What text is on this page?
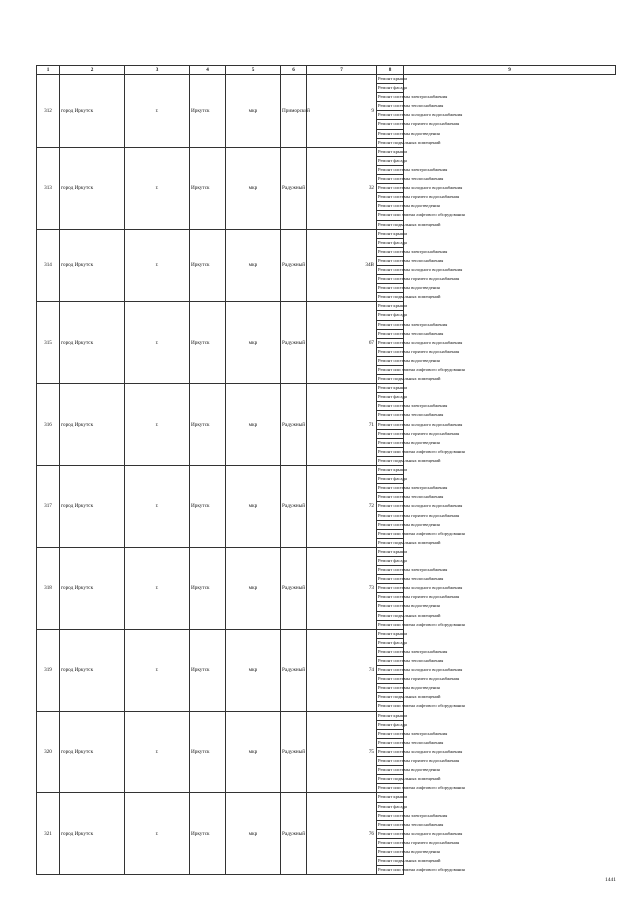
1	2	3	4	5	6	7	8	9
312	город Иркутск	г.	Иркутск	мкр	Приморский	9	Ремонт крыши	
							Ремонт фасада	
							Ремонт системы электроснабжения	
							Ремонт системы теплоснабжения	
							Ремонт системы холодного водоснабжения	
							Ремонт системы горячего водоснабжения	
							Ремонт системы водоотведения	
							Ремонт подвальных помещений	
313	город Иркутск	г.	Иркутск	мкр	Радужный	32	Ремонт крыши	
							Ремонт фасада	
							Ремонт системы электроснабжения	
							Ремонт системы теплоснабжения	
							Ремонт системы холодного водоснабжения	
							Ремонт системы горячего водоснабжения	
							Ремонт системы водоотведения	
							Ремонт или замена лифтового оборудования	
							Ремонт подвальных помещений	
314	город Иркутск	г.	Иркутск	мкр	Радужный	34В	Ремонт крыши	
							Ремонт фасада	
							Ремонт системы электроснабжения	
							Ремонт системы теплоснабжения	
							Ремонт системы холодного водоснабжения	
							Ремонт системы горячего водоснабжения	
							Ремонт системы водоотведения	
							Ремонт подвальных помещений	
315	город Иркутск	г.	Иркутск	мкр	Радужный	67	Ремонт крыши	
							Ремонт фасада	
							Ремонт системы электроснабжения	
							Ремонт системы теплоснабжения	
							Ремонт системы холодного водоснабжения	
							Ремонт системы горячего водоснабжения	
							Ремонт системы водоотведения	
							Ремонт или замена лифтового оборудования	
							Ремонт подвальных помещений	
316	город Иркутск	г.	Иркутск	мкр	Радужный	71	Ремонт крыши	
							Ремонт фасада	
							Ремонт системы электроснабжения	
							Ремонт системы теплоснабжения	
							Ремонт системы холодного водоснабжения	
							Ремонт системы горячего водоснабжения	
							Ремонт системы водоотведения	
							Ремонт или замена лифтового оборудования	
							Ремонт подвальных помещений	
317	город Иркутск	г.	Иркутск	мкр	Радужный	72	Ремонт крыши	
							Ремонт фасада	
							Ремонт системы электроснабжения	
							Ремонт системы теплоснабжения	
							Ремонт системы холодного водоснабжения	
							Ремонт системы горячего водоснабжения	
							Ремонт системы водоотведения	
							Ремонт или замена лифтового оборудования	
							Ремонт подвальных помещений	
318	город Иркутск	г.	Иркутск	мкр	Радужный	73	Ремонт крыши	
							Ремонт фасада	
							Ремонт системы электроснабжения	
							Ремонт системы теплоснабжения	
							Ремонт системы холодного водоснабжения	
							Ремонт системы горячего водоснабжения	
							Ремонт системы водоотведения	
							Ремонт подвальных помещений	
							Ремонт или замена лифтового оборудования	
319	город Иркутск	г.	Иркутск	мкр	Радужный	74	Ремонт крыши	
							Ремонт фасада	
							Ремонт системы электроснабжения	
							Ремонт системы теплоснабжения	
							Ремонт системы холодного водоснабжения	
							Ремонт системы горячего водоснабжения	
							Ремонт системы водоотведения	
							Ремонт подвальных помещений	
							Ремонт или замена лифтового оборудования	
320	город Иркутск	г.	Иркутск	мкр	Радужный	75	Ремонт крыши	
							Ремонт фасада	
							Ремонт системы электроснабжения	
							Ремонт системы теплоснабжения	
							Ремонт системы холодного водоснабжения	
							Ремонт системы горячего водоснабжения	
							Ремонт системы водоотведения	
							Ремонт подвальных помещений	
							Ремонт или замена лифтового оборудования	
321	город Иркутск	г.	Иркутск	мкр	Радужный	76	Ремонт крыши	
							Ремонт фасада	
							Ремонт системы электроснабжения	
							Ремонт системы теплоснабжения	
							Ремонт системы холодного водоснабжения	
							Ремонт системы горячего водоснабжения	
							Ремонт системы водоотведения	
							Ремонт подвальных помещений	
							Ремонт или замена лифтового оборудования	
1441
